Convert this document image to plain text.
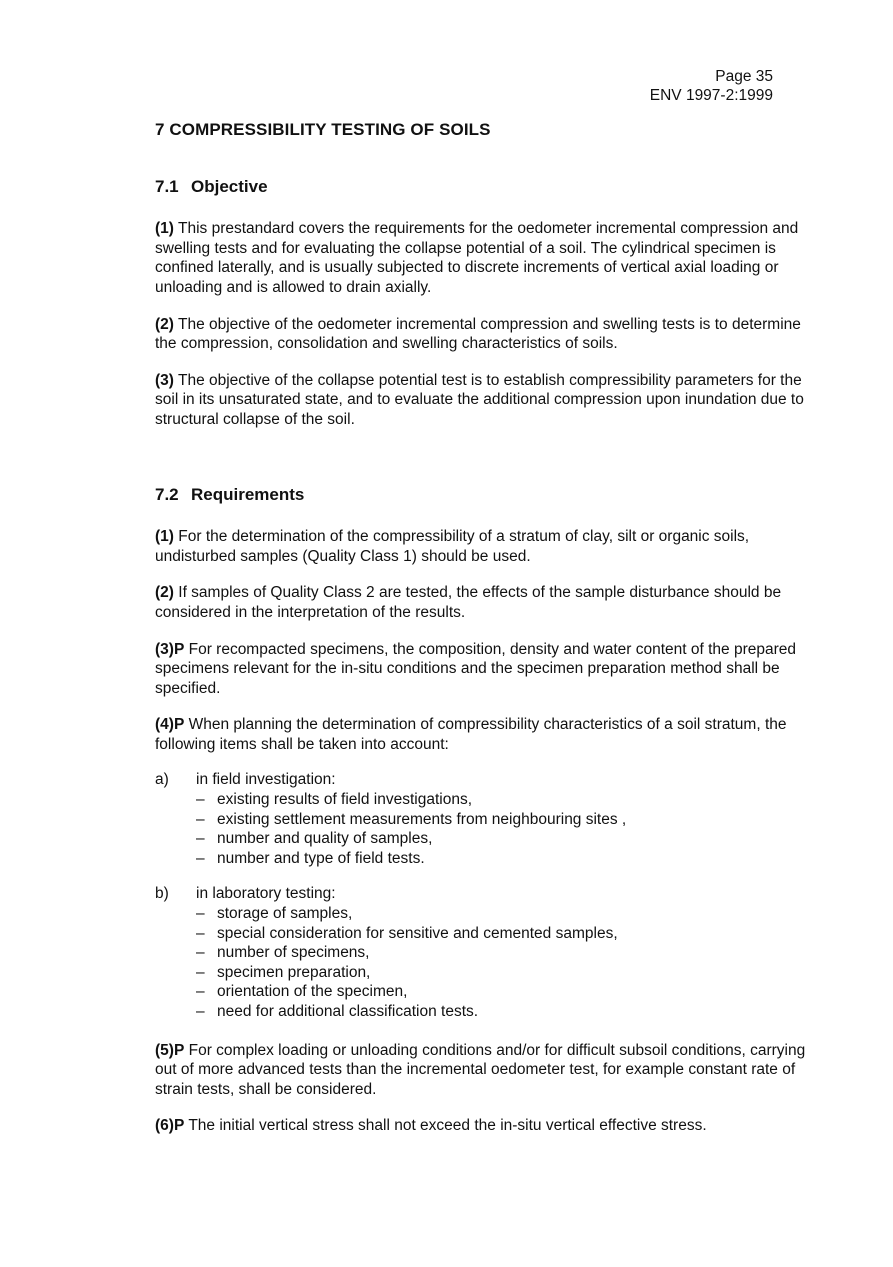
Page 35
ENV 1997-2:1999
7 COMPRESSIBILITY TESTING OF SOILS
7.1 Objective

(1) This prestandard covers the requirements for the oedometer incremental compression and swelling tests and for evaluating the collapse potential of a soil. The cylindrical specimen is confined laterally, and is usually subjected to discrete increments of vertical axial loading or unloading and is allowed to drain axially.

(2) The objective of the oedometer incremental compression and swelling tests is to determine the compression, consolidation and swelling characteristics of soils.

(3) The objective of the collapse potential test is to establish compressibility parameters for the soil in its unsaturated state, and to evaluate the additional compression upon inundation due to structural collapse of the soil.

7.2 Requirements

(1) For the determination of the compressibility of a stratum of clay, silt or organic soils, undisturbed samples (Quality Class 1) should be used.

(2) If samples of Quality Class 2 are tested, the effects of the sample disturbance should be considered in the interpretation of the results.

(3)P For recompacted specimens, the composition, density and water content of the prepared specimens relevant for the in-situ conditions and the specimen preparation method shall be specified.

(4)P When planning the determination of compressibility characteristics of a soil stratum, the following items shall be taken into account:

a)	in field investigation:
– existing results of field investigations,
– existing settlement measurements from neighbouring sites ,
– number and quality of samples,
– number and type of field tests.
b)	in laboratory testing:
– storage of samples,
– special consideration for sensitive and cemented samples,
– number of specimens,
– specimen preparation,
– orientation of the specimen,
– need for additional classification tests.

(5)P For complex loading or unloading conditions and/or for difficult subsoil conditions, carrying out of more advanced tests than the incremental oedometer test, for example constant rate of strain tests, shall be considered.

(6)P The initial vertical stress shall not exceed the in-situ vertical effective stress.
